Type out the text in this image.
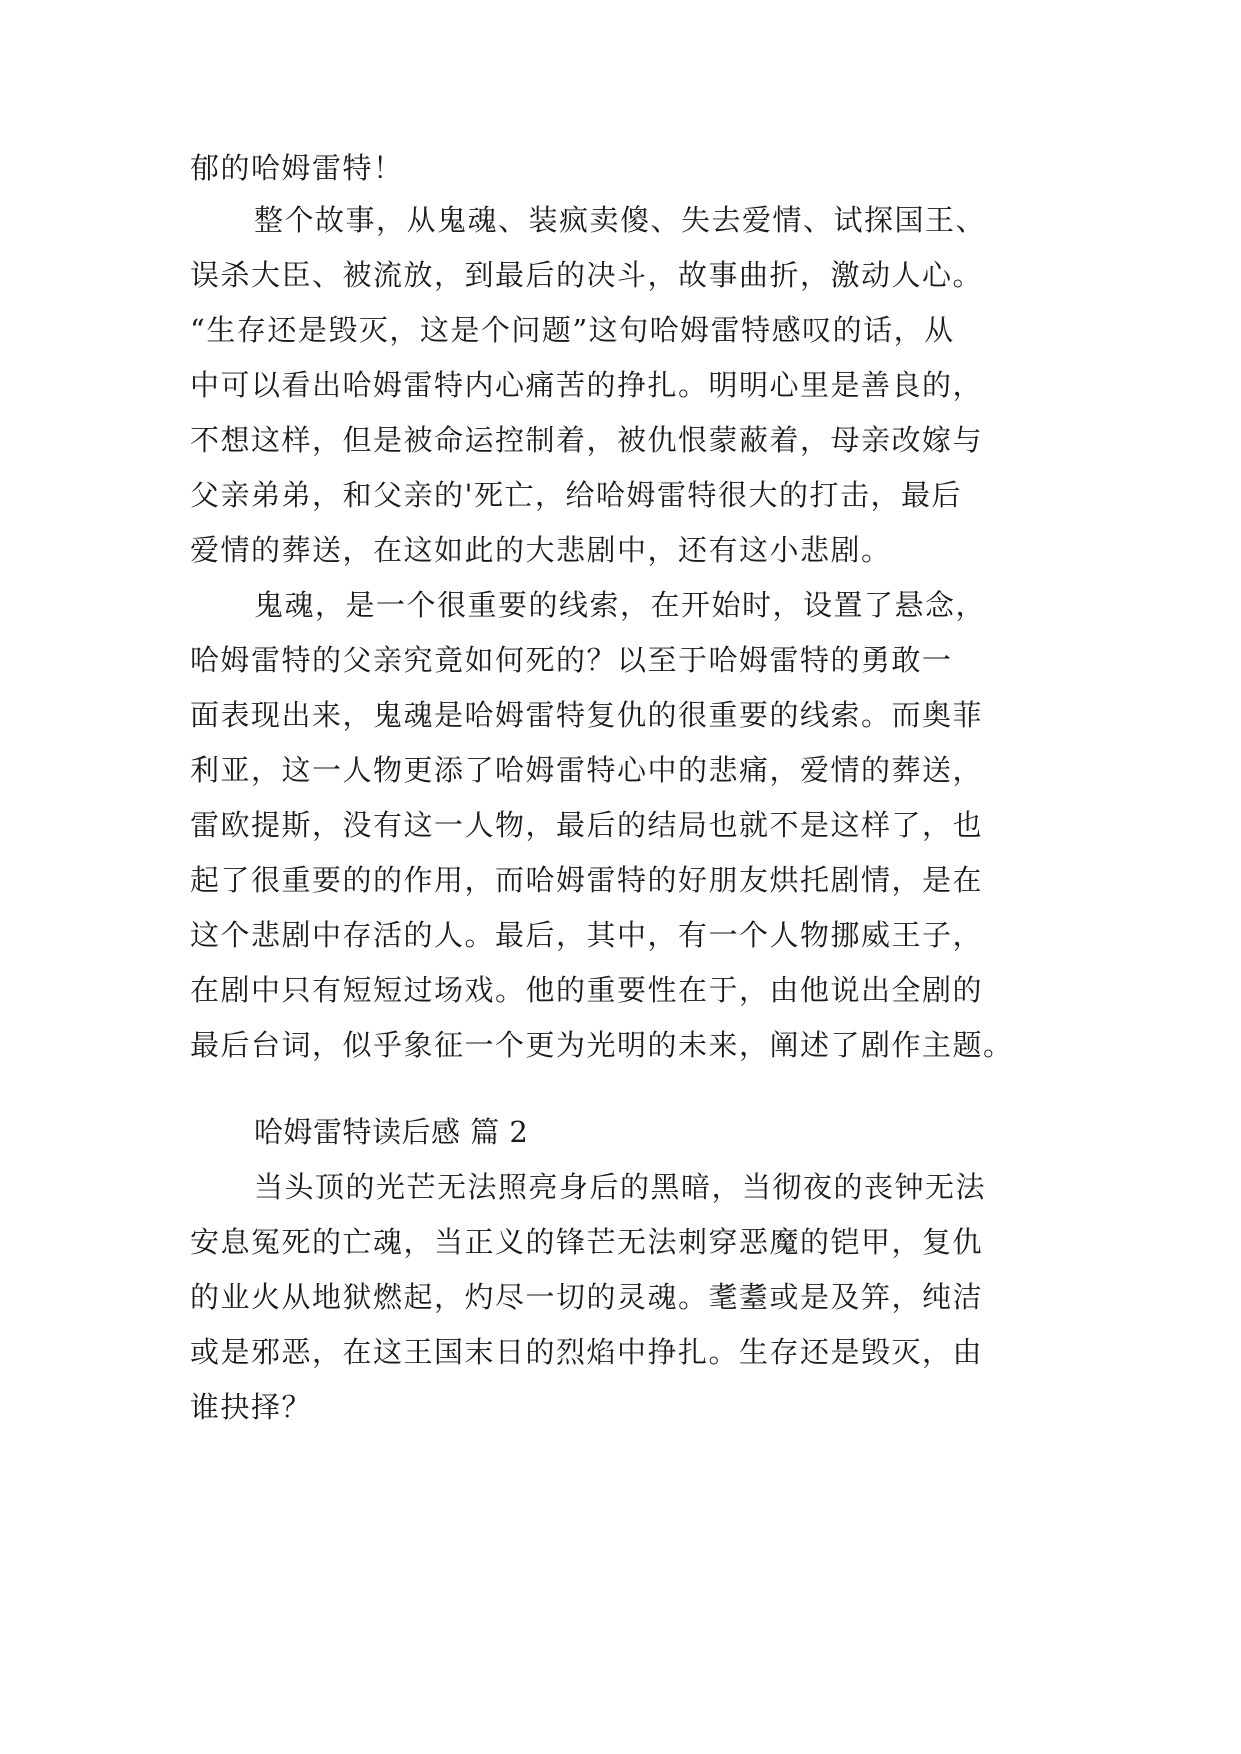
郁的哈姆雷特！
整个故事，从鬼魂、装疯卖傻、失去爱情、试探国王、
误杀大臣、被流放，到最后的决斗，故事曲折，激动人心。
“生存还是毁灭，这是个问题”这句哈姆雷特感叹的话，从
中可以看出哈姆雷特内心痛苦的挣扎。明明心里是善良的，
不想这样，但是被命运控制着，被仇恨蒙蔽着，母亲改嫁与
父亲弟弟，和父亲的'死亡，给哈姆雷特很大的打击，最后
爱情的葬送，在这如此的大悲剧中，还有这小悲剧。
鬼魂，是一个很重要的线索，在开始时，设置了悬念，
哈姆雷特的父亲究竟如何死的？以至于哈姆雷特的勇敢一
面表现出来，鬼魂是哈姆雷特复仇的很重要的线索。而奥菲
利亚，这一人物更添了哈姆雷特心中的悲痛，爱情的葬送，
雷欧提斯，没有这一人物，最后的结局也就不是这样了，也
起了很重要的的作用，而哈姆雷特的好朋友烘托剧情，是在
这个悲剧中存活的人。最后，其中，有一个人物挪威王子，
在剧中只有短短过场戏。他的重要性在于，由他说出全剧的
最后台词，似乎象征一个更为光明的未来，阐述了剧作主题。
哈姆雷特读后感 篇 2
当头顶的光芒无法照亮身后的黑暗，当彻夜的丧钟无法
安息冤死的亡魂，当正义的锋芒无法刺穿恶魔的铠甲，复仇
的业火从地狱燃起，灼尽一切的灵魂。耄耋或是及笄，纯洁
或是邪恶，在这王国末日的烈焰中挣扎。生存还是毁灭，由
谁抉择？
